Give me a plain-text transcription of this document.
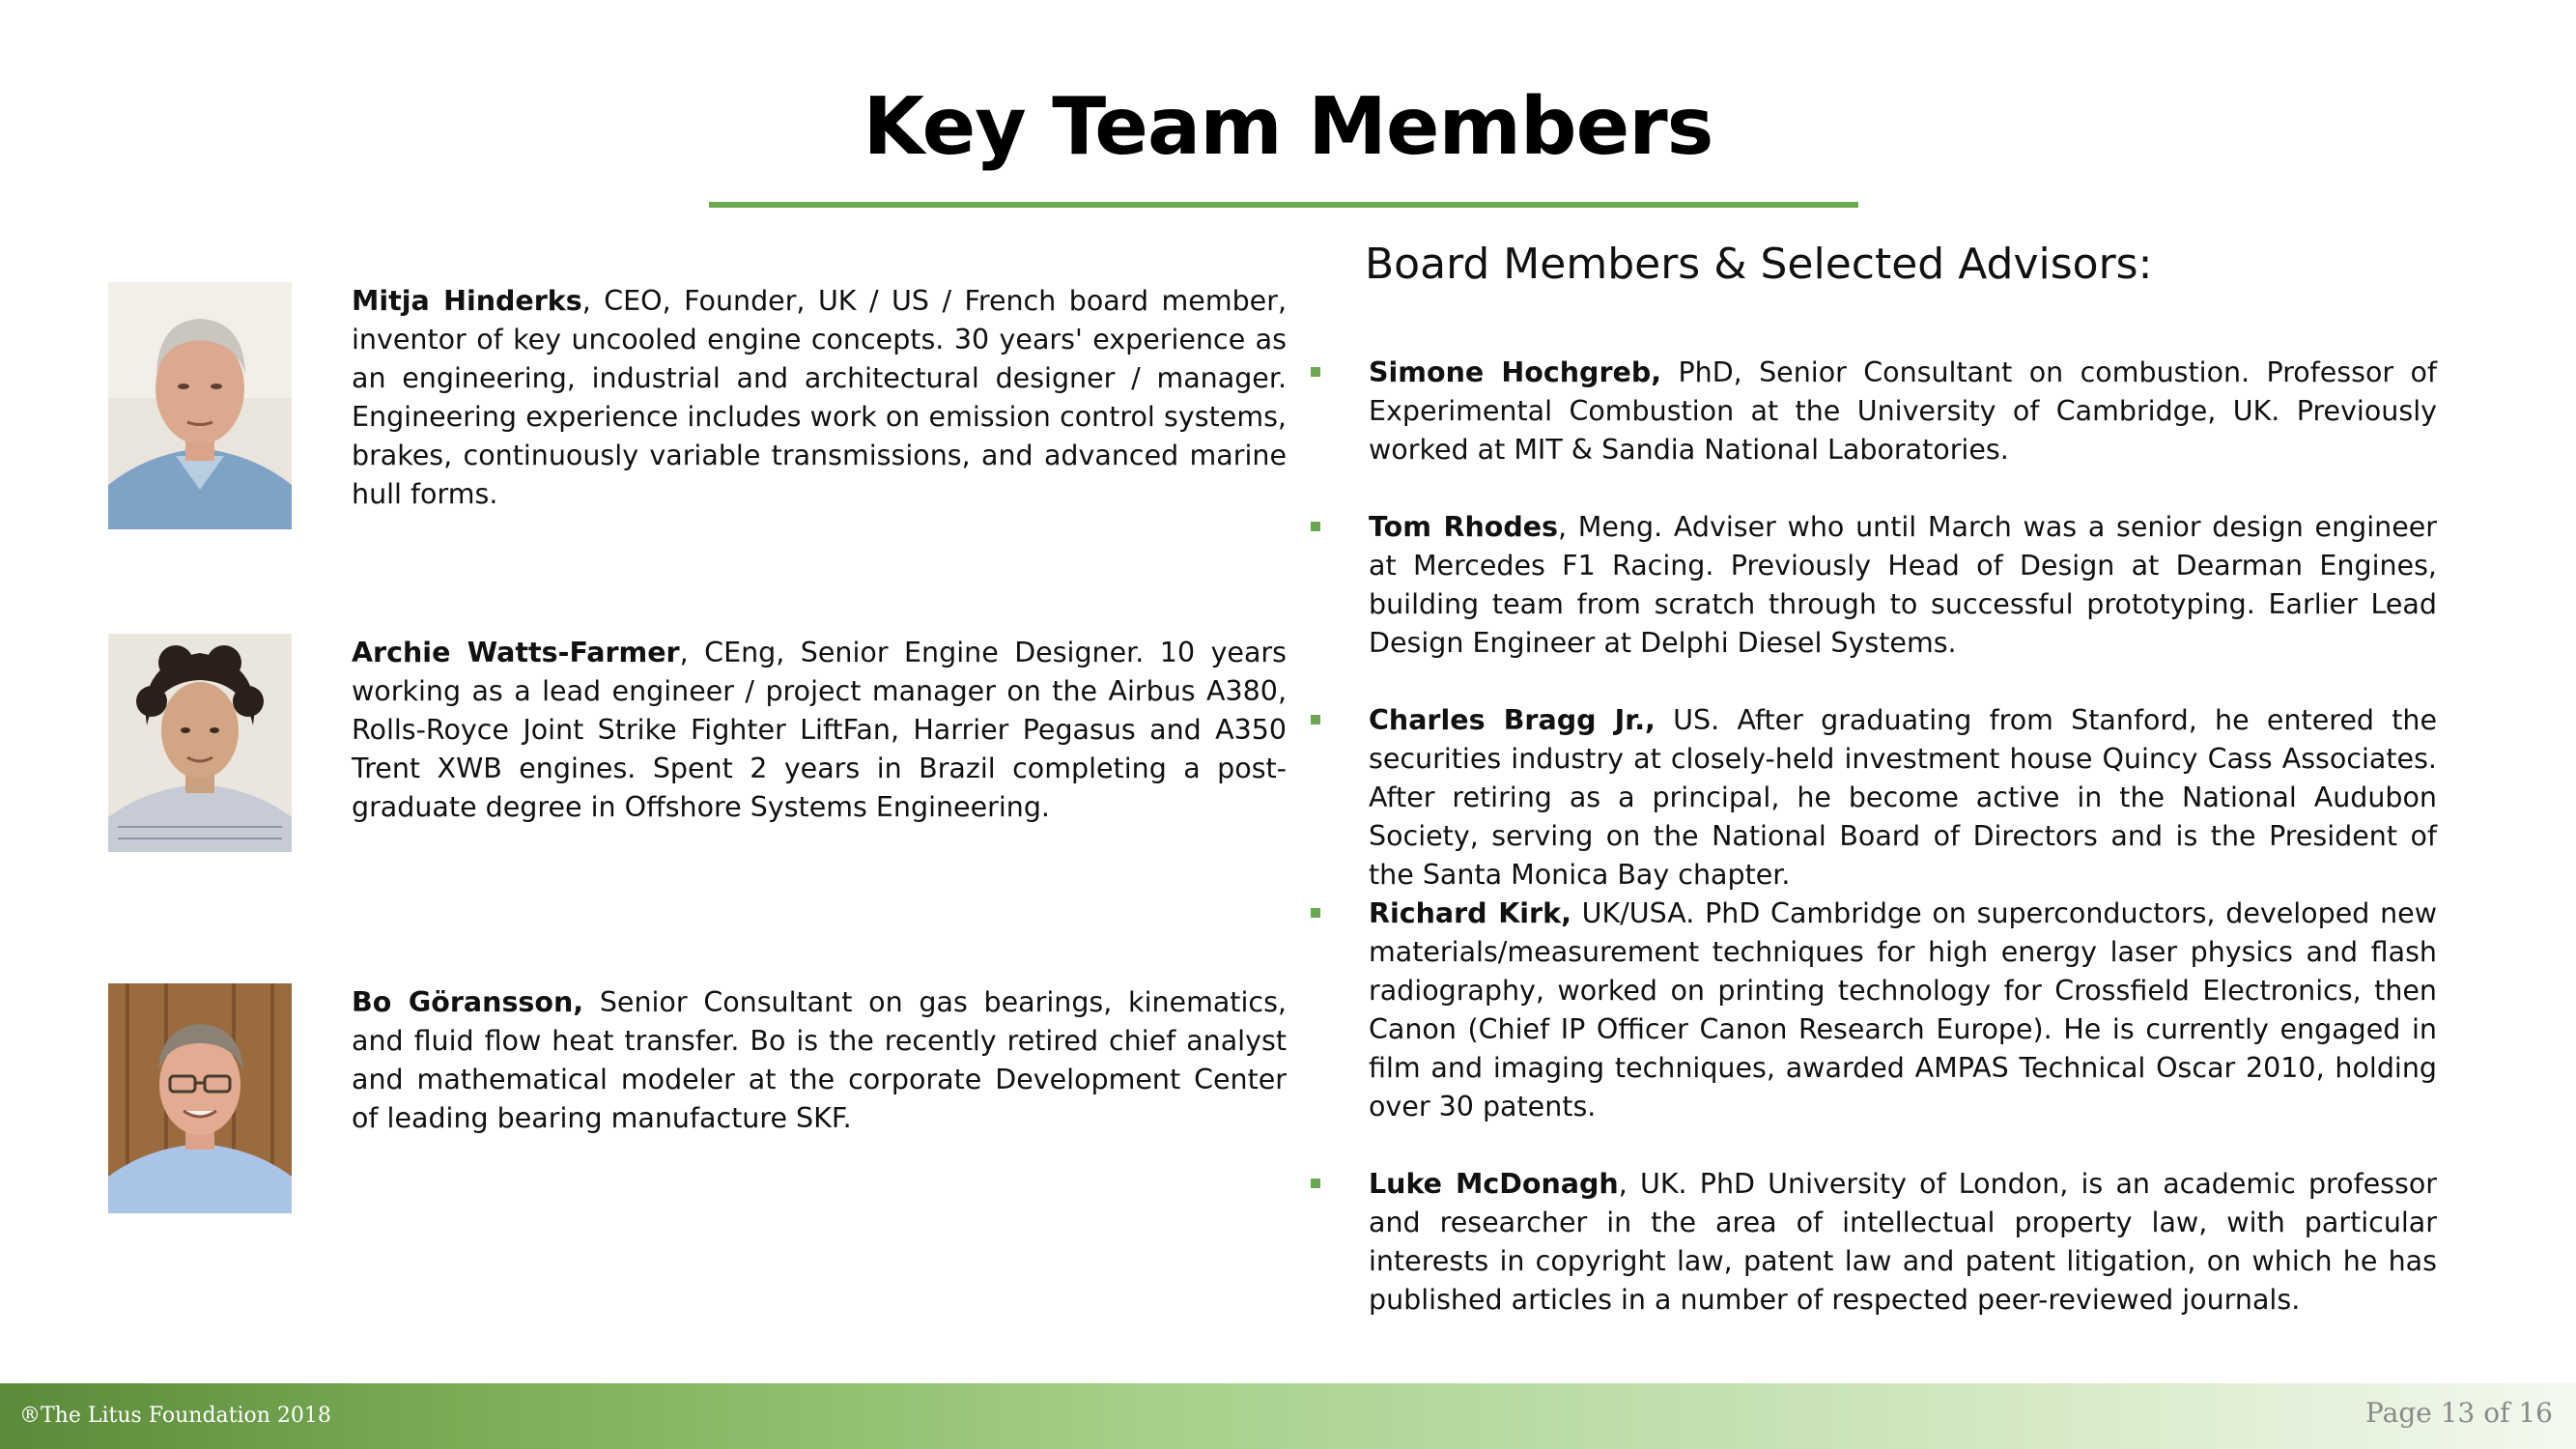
Key Team Members
Mitja Hinderks, CEO, Founder, UK / US / French board member, inventor of key uncooled engine concepts. 30 years' experience as an engineering, industrial and architectural designer / manager. Engineering experience includes work on emission control systems, brakes, continuously variable transmissions, and advanced marine hull forms.
Archie Watts-Farmer, CEng, Senior Engine Designer. 10 years working as a lead engineer / project manager on the Airbus A380, Rolls-Royce Joint Strike Fighter LiftFan, Harrier Pegasus and A350 Trent XWB engines. Spent 2 years in Brazil completing a post-graduate degree in Offshore Systems Engineering.
Bo Göransson, Senior Consultant on gas bearings, kinematics, and fluid flow heat transfer. Bo is the recently retired chief analyst and mathematical modeler at the corporate Development Center of leading bearing manufacture SKF.
Board Members & Selected Advisors:
Simone Hochgreb, PhD, Senior Consultant on combustion. Professor of Experimental Combustion at the University of Cambridge, UK. Previously worked at MIT & Sandia National Laboratories.
Tom Rhodes, Meng. Adviser who until March was a senior design engineer at Mercedes F1 Racing. Previously Head of Design at Dearman Engines, building team from scratch through to successful prototyping. Earlier Lead Design Engineer at Delphi Diesel Systems.
Charles Bragg Jr., US. After graduating from Stanford, he entered the securities industry at closely-held investment house Quincy Cass Associates. After retiring as a principal, he become active in the National Audubon Society, serving on the National Board of Directors and is the President of the Santa Monica Bay chapter.
Richard Kirk, UK/USA. PhD Cambridge on superconductors, developed new materials/measurement techniques for high energy laser physics and flash radiography, worked on printing technology for Crossfield Electronics, then Canon (Chief IP Officer Canon Research Europe). He is currently engaged in film and imaging techniques, awarded AMPAS Technical Oscar 2010, holding over 30 patents.
Luke McDonagh, UK. PhD University of London, is an academic professor and researcher in the area of intellectual property law, with particular interests in copyright law, patent law and patent litigation, on which he has published articles in a number of respected peer-reviewed journals.
®The Litus Foundation 2018	Page 13 of 16
